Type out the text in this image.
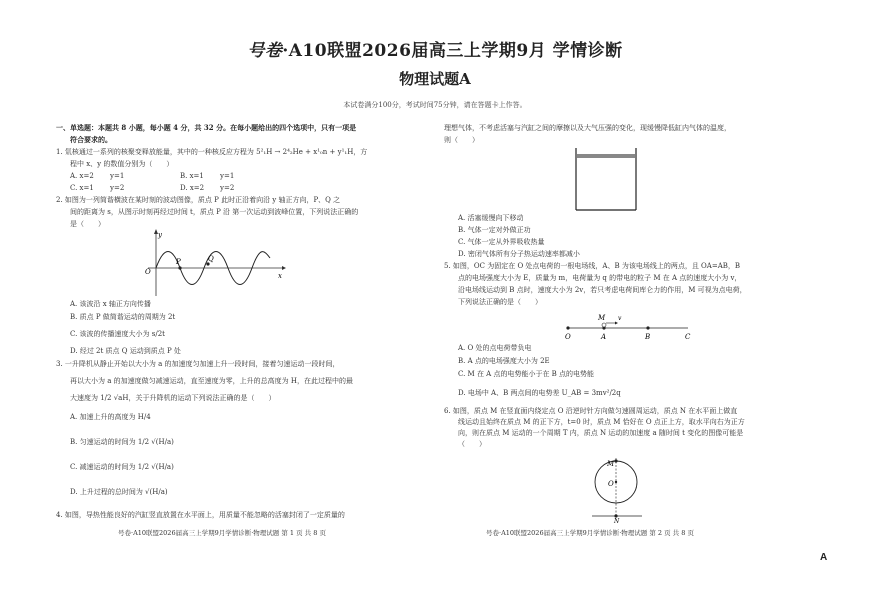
号卷·A10联盟2026届高三上学期9月 学情诊断
物理试题A
本试卷满分100分，考试时间75分钟，请在答题卡上作答。

一、单选题：本题共 8 小题，每小题 4 分，共 32 分。在每小题给出的四个选项中，只有一项是

符合要求的。

1. 氚核通过一系列的核聚变释放能量，其中的一种核反应方程为 5²₁H → 2⁴₂He + x¹₀n + y¹₁H，方

程中 x、y 的数值分别为（　　）

A. x=2	y=1	B. x=1	y=1
C. x=1	y=2	D. x=2	y=2

2. 如图为一列简谐横波在某时刻的波动图像，质点 P 此时正沿着向沿 y 轴正方向，P、Q 之

间的距离为 s，从图示时刻再经过时间 t，质点 P 沿 第一次运动到波峰位置，下列说法正确的

是（　　）

y
x
O
P	Q

A. 该波沿 x 轴正方向传播

B. 质点 P 做简谐运动的周期为 2t

C. 该波的传播速度大小为 s/2t

D. 经过 2t 质点 Q 运动到质点 P 处

3. 一升降机从静止开始以大小为 a 的加速度匀加速上升一段时间，接着匀速运动一段时间，

再以大小为 a 的加速度做匀减速运动，直至速度为零，上升的总高度为 H，在此过程中的最

大速度为 1/2 √aH，关于升降机的运动下列说法正确的是（　　）

A. 加速上升的高度为 H/4

B. 匀速运动的时间为 1/2 √(H/a)

C. 减速运动的时间为 1/2 √(H/a)

D. 上升过程的总时间为 √(H/a)

4. 如图，导热性能良好的汽缸竖直放置在水平面上，用质量不能忽略的活塞封闭了一定质量的

号卷·A10联盟2026届高三上学期9月学情诊断·物理试题 第 1 页 共 8 页

理想气体，不考虑活塞与汽缸之间的摩擦以及大气压强的变化，现缓慢降低缸内气体的温度，

则（　　）

A. 活塞缓慢向下移动

B. 气体一定对外做正功

C. 气体一定从外界吸收热量

D. 密闭气体所有分子热运动速率都减小

5. 如图，OC 为固定在 O 处点电荷的一根电场线，A、B 为该电场线上的两点，且 OA=AB，B

点的电场强度大小为 E，质量为 m，电荷量为 q 的带电的粒子 M 在 A 点的速度大小为 v，

沿电场线运动到 B 点时，速度大小为 2v，若只考虑电荷间库仑力的作用，M 可视为点电荷，

下列说法正确的是（　　）

O	A	B	C
M v

A. O 处的点电荷带负电

B. A 点的电场强度大小为 2E

C. M 在 A 点的电势能小于在 B 点的电势能

D. 电场中 A、B 两点间的电势差 U_AB = 3mv²/2q

6. 如图，质点 M 在竖直面内绕定点 O 沿逆时针方向做匀速圆周运动，质点 N 在水平面上做直

线运动且始终在质点 M 的正下方，t=0 时，质点 M 恰好在 O 点正上方，取水平向右为正方

向，则在质点 M 运动的一个周期 T 内，质点 N 运动的加速度 a 随时间 t 变化的图像可能是

（　　）

M
O
N
号卷·A10联盟2026届高三上学期9月学情诊断·物理试题 第 2 页 共 8 页
A
